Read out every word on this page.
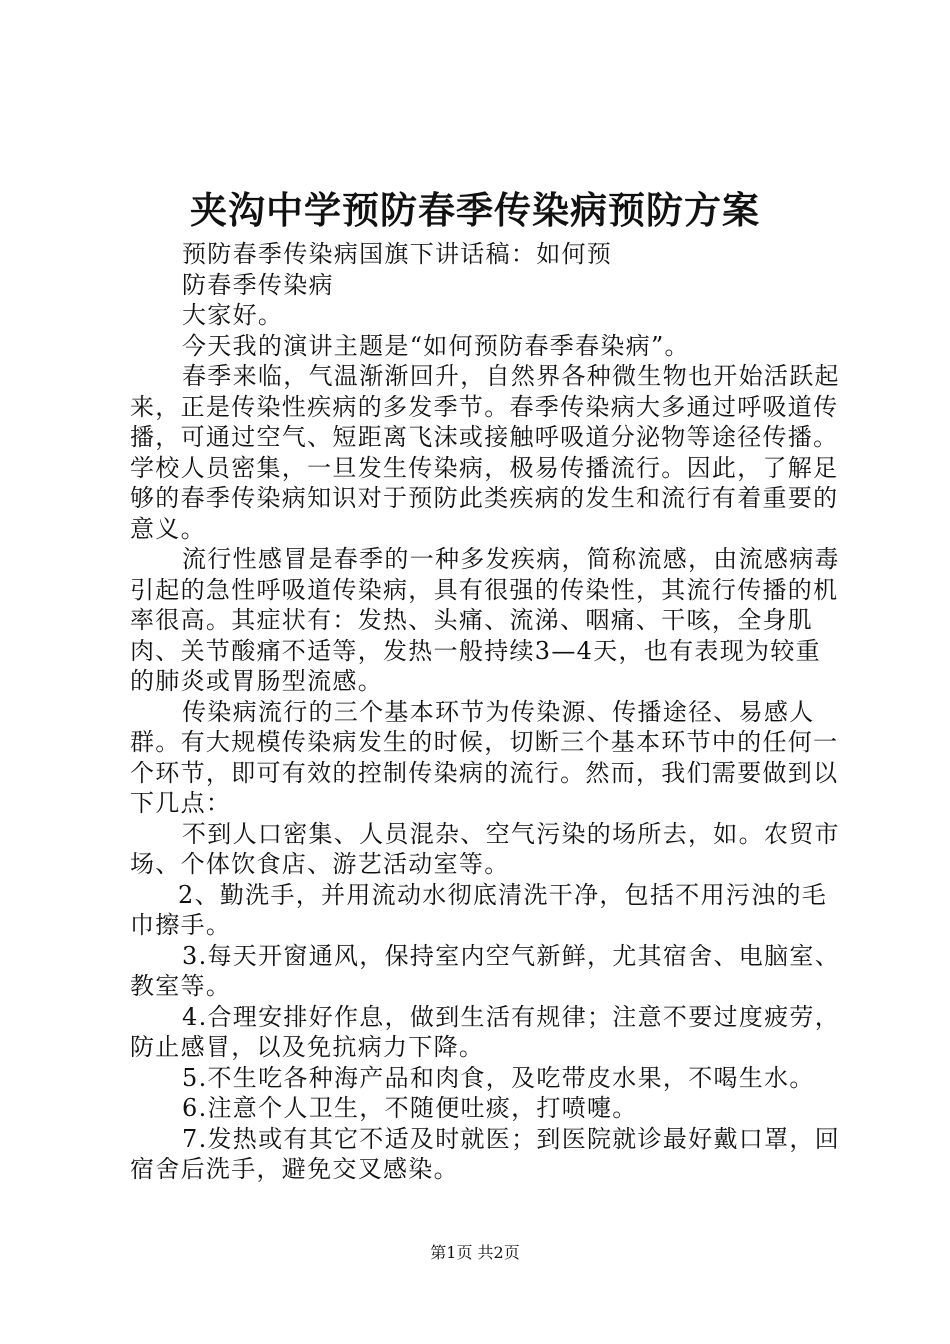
夹沟中学预防春季传染病预防方案

预防春季传染病国旗下讲话稿：如何预

防春季传染病

大家好。

今天我的演讲主题是“如何预防春季春染病”。

春季来临，气温渐渐回升，自然界各种微生物也开始活跃起来，正是传染性疾病的多发季节。春季传染病大多通过呼吸道传播，可通过空气、短距离飞沫或接触呼吸道分泌物等途径传播。学校人员密集，一旦发生传染病，极易传播流行。因此，了解足够的春季传染病知识对于预防此类疾病的发生和流行有着重要的意义。

流行性感冒是春季的一种多发疾病，简称流感，由流感病毒引起的急性呼吸道传染病，具有很强的传染性，其流行传播的机率很高。其症状有：发热、头痛、流涕、咽痛、干咳，全身肌肉、关节酸痛不适等，发热一般持续3—4天，也有表现为较重的肺炎或胃肠型流感。

传染病流行的三个基本环节为传染源、传播途径、易感人群。有大规模传染病发生的时候，切断三个基本环节中的任何一个环节，即可有效的控制传染病的流行。然而，我们需要做到以下几点：

不到人口密集、人员混杂、空气污染的场所去，如。农贸市场、个体饮食店、游艺活动室等。

2、勤洗手，并用流动水彻底清洗干净，包括不用污浊的毛巾擦手。

3.每天开窗通风，保持室内空气新鲜，尤其宿舍、电脑室、教室等。

4.合理安排好作息，做到生活有规律；注意不要过度疲劳，防止感冒，以及免抗病力下降。

5.不生吃各种海产品和肉食，及吃带皮水果，不喝生水。

6.注意个人卫生，不随便吐痰，打喷嚏。

7.发热或有其它不适及时就医；到医院就诊最好戴口罩，回宿舍后洗手，避免交叉感染。

第1页 共2页
